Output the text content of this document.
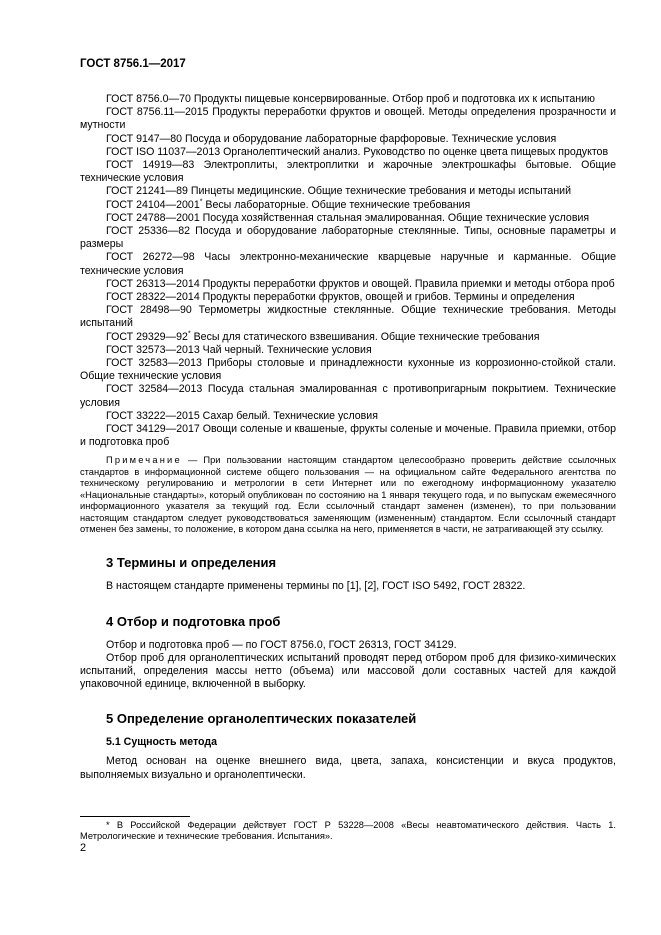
ГОСТ 8756.1—2017

ГОСТ 8756.0—70 Продукты пищевые консервированные. Отбор проб и подготовка их к испытанию

ГОСТ 8756.11—2015 Продукты переработки фруктов и овощей. Методы определения прозрачности и мутности

ГОСТ 9147—80 Посуда и оборудование лабораторные фарфоровые. Технические условия

ГОСТ ISO 11037—2013 Органолептический анализ. Руководство по оценке цвета пищевых продуктов

ГОСТ 14919—83 Электроплиты, электроплитки и жарочные электрошкафы бытовые. Общие технические условия

ГОСТ 21241—89 Пинцеты медицинские. Общие технические требования и методы испытаний

ГОСТ 24104—2001* Весы лабораторные. Общие технические требования

ГОСТ 24788—2001 Посуда хозяйственная стальная эмалированная. Общие технические условия

ГОСТ 25336—82 Посуда и оборудование лабораторные стеклянные. Типы, основные параметры и размеры

ГОСТ 26272—98 Часы электронно-механические кварцевые наручные и карманные. Общие технические условия

ГОСТ 26313—2014 Продукты переработки фруктов и овощей. Правила приемки и методы отбора проб

ГОСТ 28322—2014 Продукты переработки фруктов, овощей и грибов. Термины и определения

ГОСТ 28498—90 Термометры жидкостные стеклянные. Общие технические требования. Методы испытаний

ГОСТ 29329—92* Весы для статического взвешивания. Общие технические требования

ГОСТ 32573—2013 Чай черный. Технические условия

ГОСТ 32583—2013 Приборы столовые и принадлежности кухонные из коррозионно-стойкой стали. Общие технические условия

ГОСТ 32584—2013 Посуда стальная эмалированная с противопригарным покрытием. Технические условия

ГОСТ 33222—2015 Сахар белый. Технические условия

ГОСТ 34129—2017 Овощи соленые и квашеные, фрукты соленые и моченые. Правила приемки, отбор и подготовка проб

Примечание — При пользовании настоящим стандартом целесообразно проверить действие ссылочных стандартов в информационной системе общего пользования — на официальном сайте Федерального агентства по техническому регулированию и метрологии в сети Интернет или по ежегодному информационному указателю «Национальные стандарты», который опубликован по состоянию на 1 января текущего года, и по выпускам ежемесячного информационного указателя за текущий год. Если ссылочный стандарт заменен (изменен), то при пользовании настоящим стандартом следует руководствоваться заменяющим (измененным) стандартом. Если ссылочный стандарт отменен без замены, то положение, в котором дана ссылка на него, применяется в части, не затрагивающей эту ссылку.

3 Термины и определения

В настоящем стандарте применены термины по [1], [2], ГОСТ ISO 5492, ГОСТ 28322.

4 Отбор и подготовка проб

Отбор и подготовка проб — по ГОСТ 8756.0, ГОСТ 26313, ГОСТ 34129.

Отбор проб для органолептических испытаний проводят перед отбором проб для физико-химических испытаний, определения массы нетто (объема) или массовой доли составных частей для каждой упаковочной единице, включенной в выборку.

5 Определение органолептических показателей
5.1 Сущность метода

Метод основан на оценке внешнего вида, цвета, запаха, консистенции и вкуса продуктов, выполняемых визуально и органолептически.

* В Российской Федерации действует ГОСТ Р 53228—2008 «Весы неавтоматического действия. Часть 1. Метрологические и технические требования. Испытания».
2
